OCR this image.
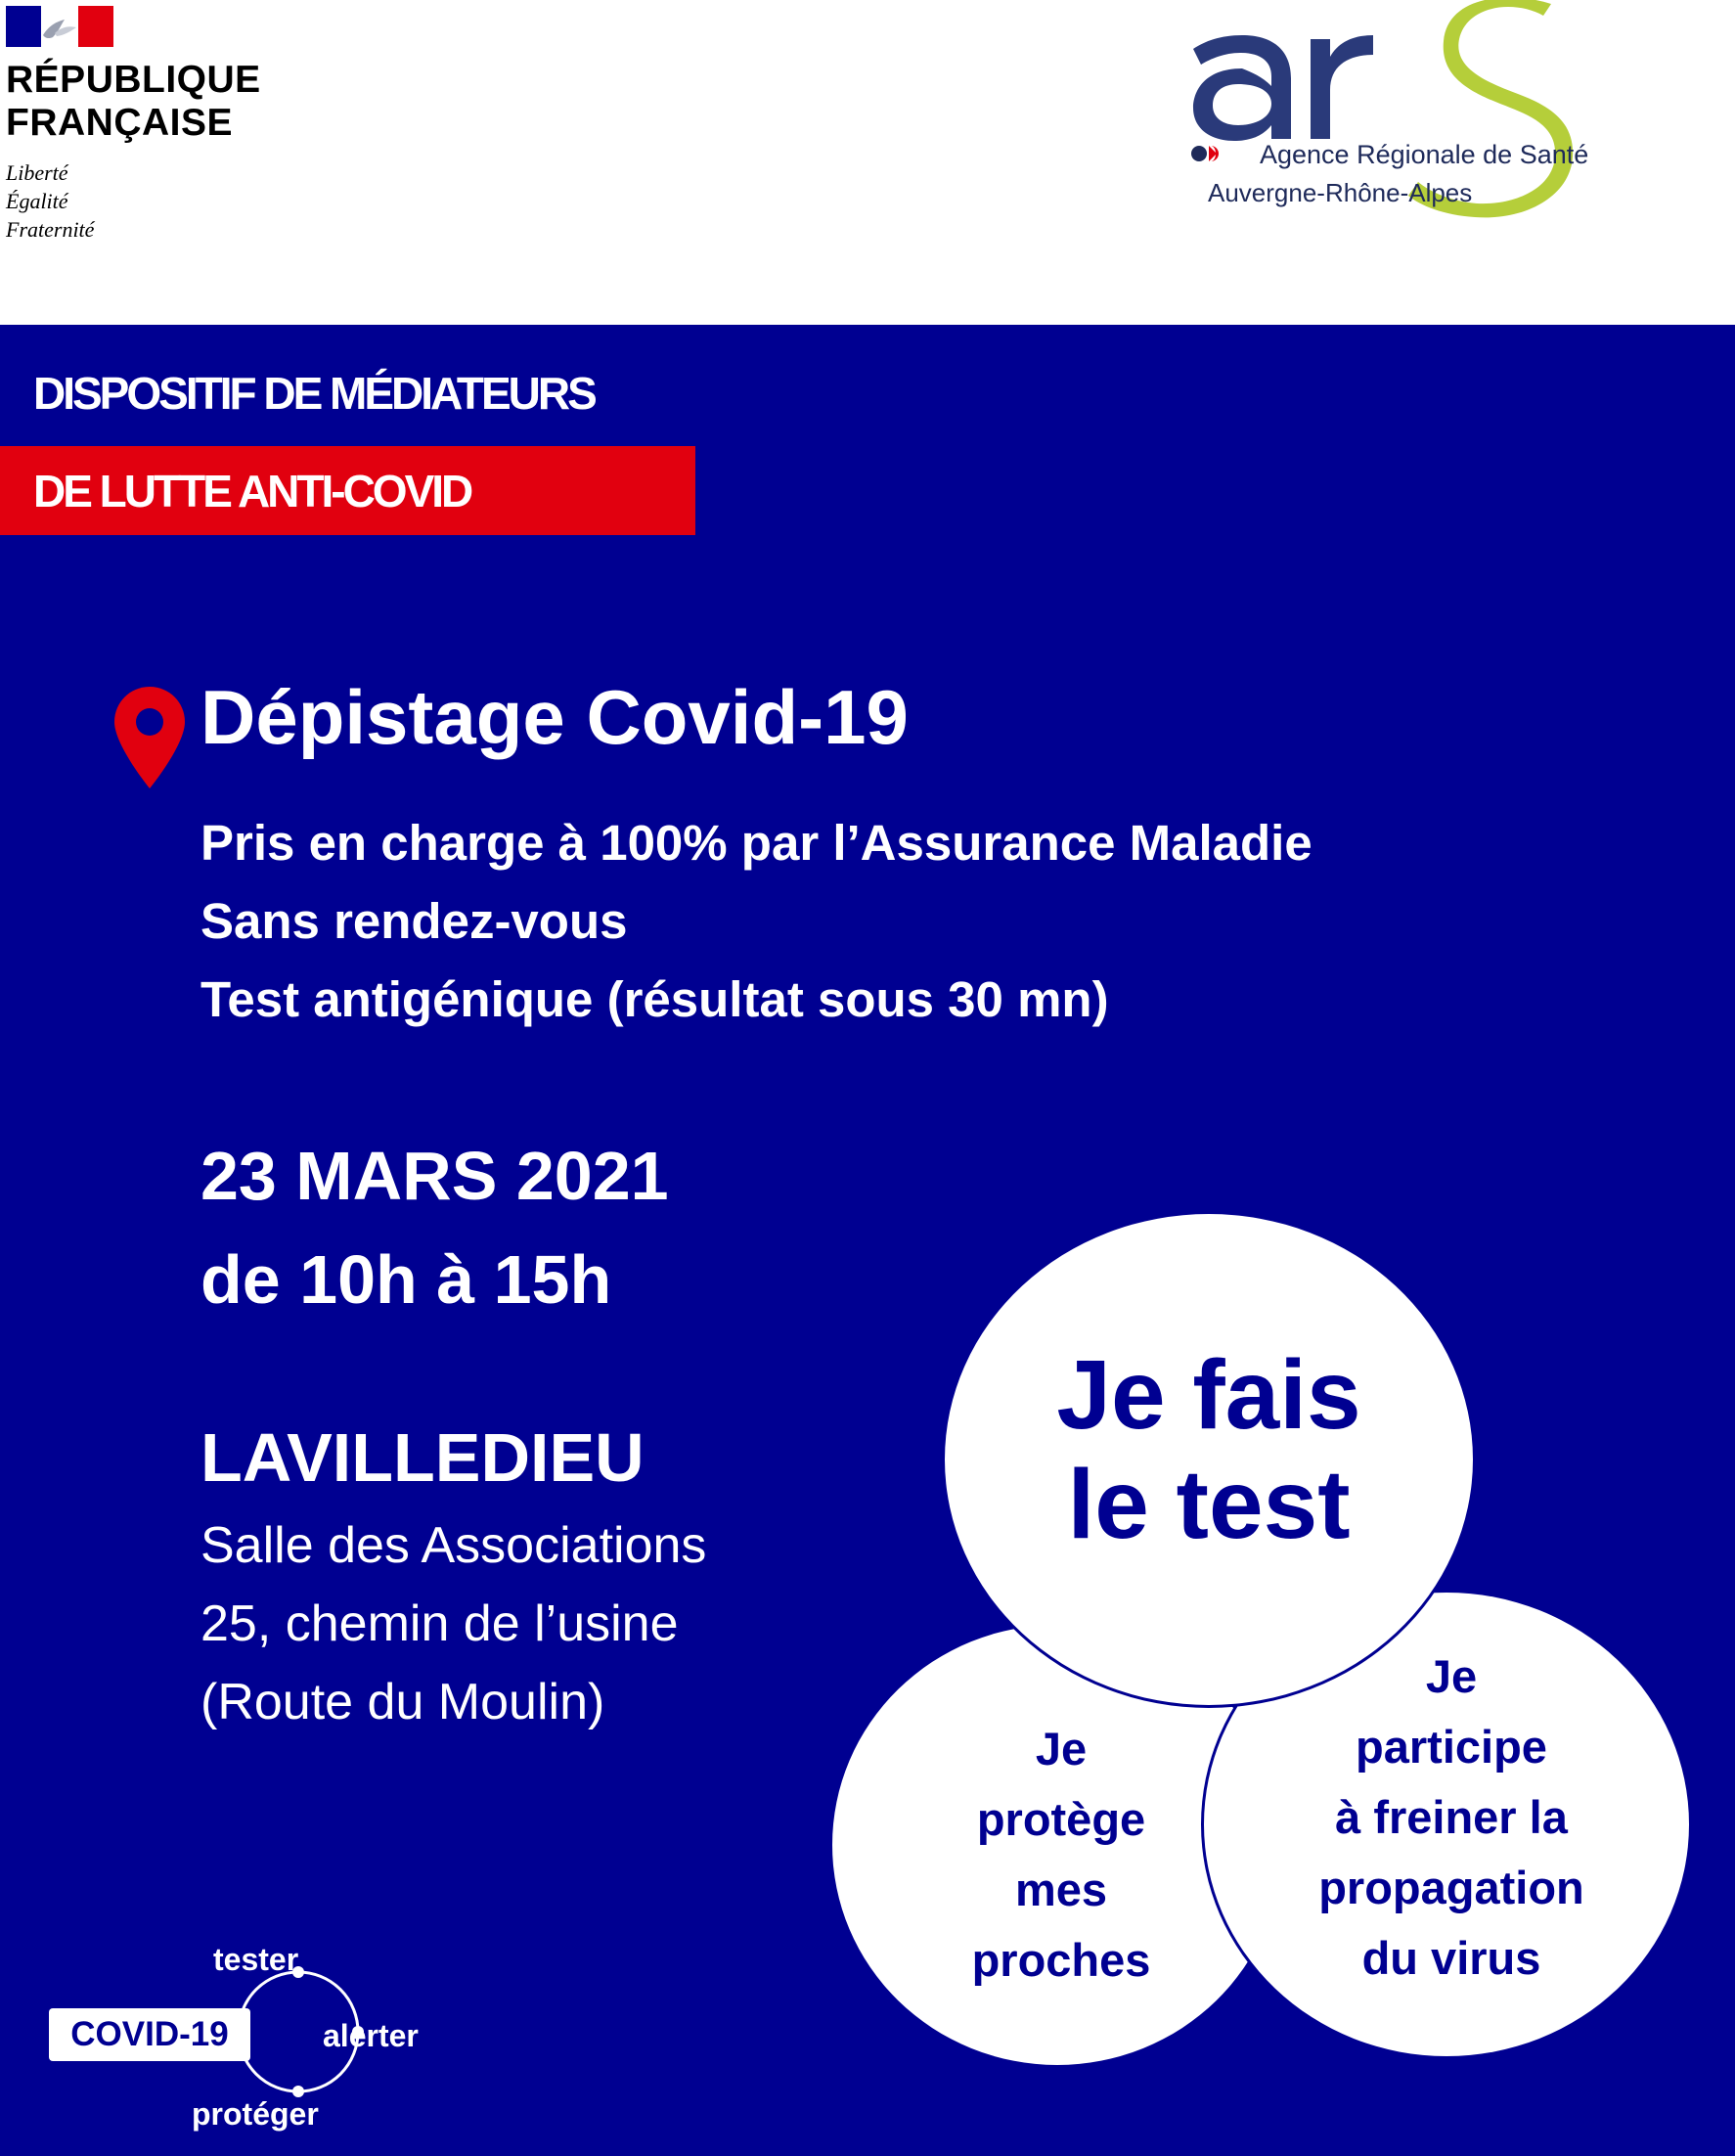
RÉPUBLIQUE
FRANÇAISE
Liberté
Égalité
Fraternité
Agence Régionale de Santé
Auvergne-Rhône-Alpes
DISPOSITIF DE MÉDIATEURS
DE LUTTE ANTI-COVID
Dépistage Covid-19
Pris en charge à 100% par l’Assurance Maladie
Sans rendez-vous
Test antigénique (résultat sous 30 mn)
23 MARS 2021
de 10h à 15h
LAVILLEDIEU
Salle des Associations
25, chemin de l’usine
(Route du Moulin)
Je fais
le test
Je
protège
mes
proches
Je
participe
à freiner la
propagation
du virus
COVID-19
tester
alerter
protéger
